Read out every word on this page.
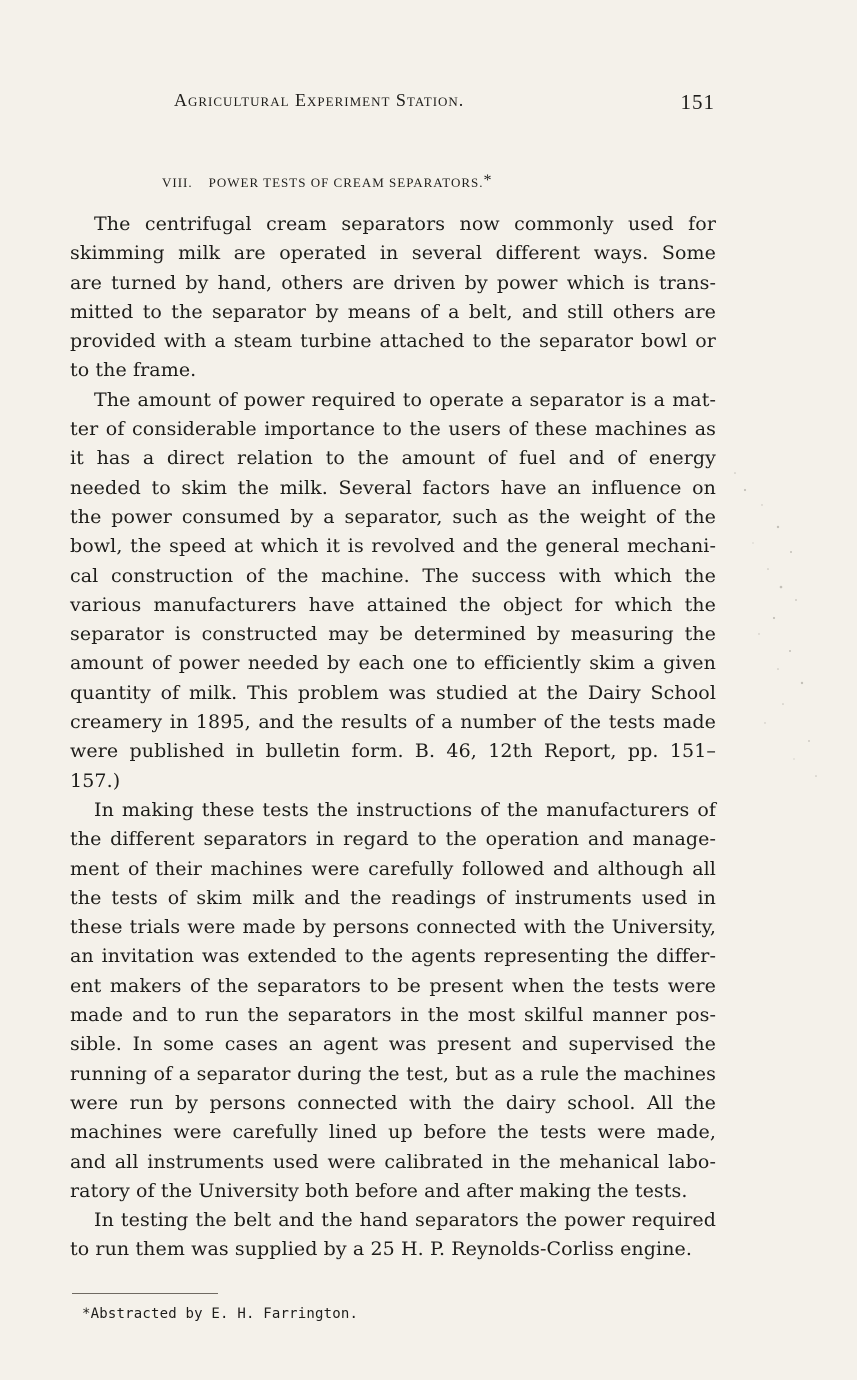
Agricultural Experiment Station.	151
VIII. POWER TESTS OF CREAM SEPARATORS.*
The centrifugal cream separators now commonly used for
skimming milk are operated in several different ways. Some
are turned by hand, others are driven by power which is trans-
mitted to the separator by means of a belt, and still others are
provided with a steam turbine attached to the separator bowl or
to the frame.
The amount of power required to operate a separator is a mat-
ter of considerable importance to the users of these machines as
it has a direct relation to the amount of fuel and of energy
needed to skim the milk. Several factors have an influence on
the power consumed by a separator, such as the weight of the
bowl, the speed at which it is revolved and the general mechani-
cal construction of the machine. The success with which the
various manufacturers have attained the object for which the
separator is constructed may be determined by measuring the
amount of power needed by each one to efficiently skim a given
quantity of milk. This problem was studied at the Dairy School
creamery in 1895, and the results of a number of the tests made
were published in bulletin form. B. 46, 12th Report, pp. 151–
157.)
In making these tests the instructions of the manufacturers of
the different separators in regard to the operation and manage-
ment of their machines were carefully followed and although all
the tests of skim milk and the readings of instruments used in
these trials were made by persons connected with the University,
an invitation was extended to the agents representing the differ-
ent makers of the separators to be present when the tests were
made and to run the separators in the most skilful manner pos-
sible. In some cases an agent was present and supervised the
running of a separator during the test, but as a rule the machines
were run by persons connected with the dairy school. All the
machines were carefully lined up before the tests were made,
and all instruments used were calibrated in the mehanical labo-
ratory of the University both before and after making the tests.
In testing the belt and the hand separators the power required
to run them was supplied by a 25 H. P. Reynolds-Corliss engine.
*Abstracted by E. H. Farrington.
